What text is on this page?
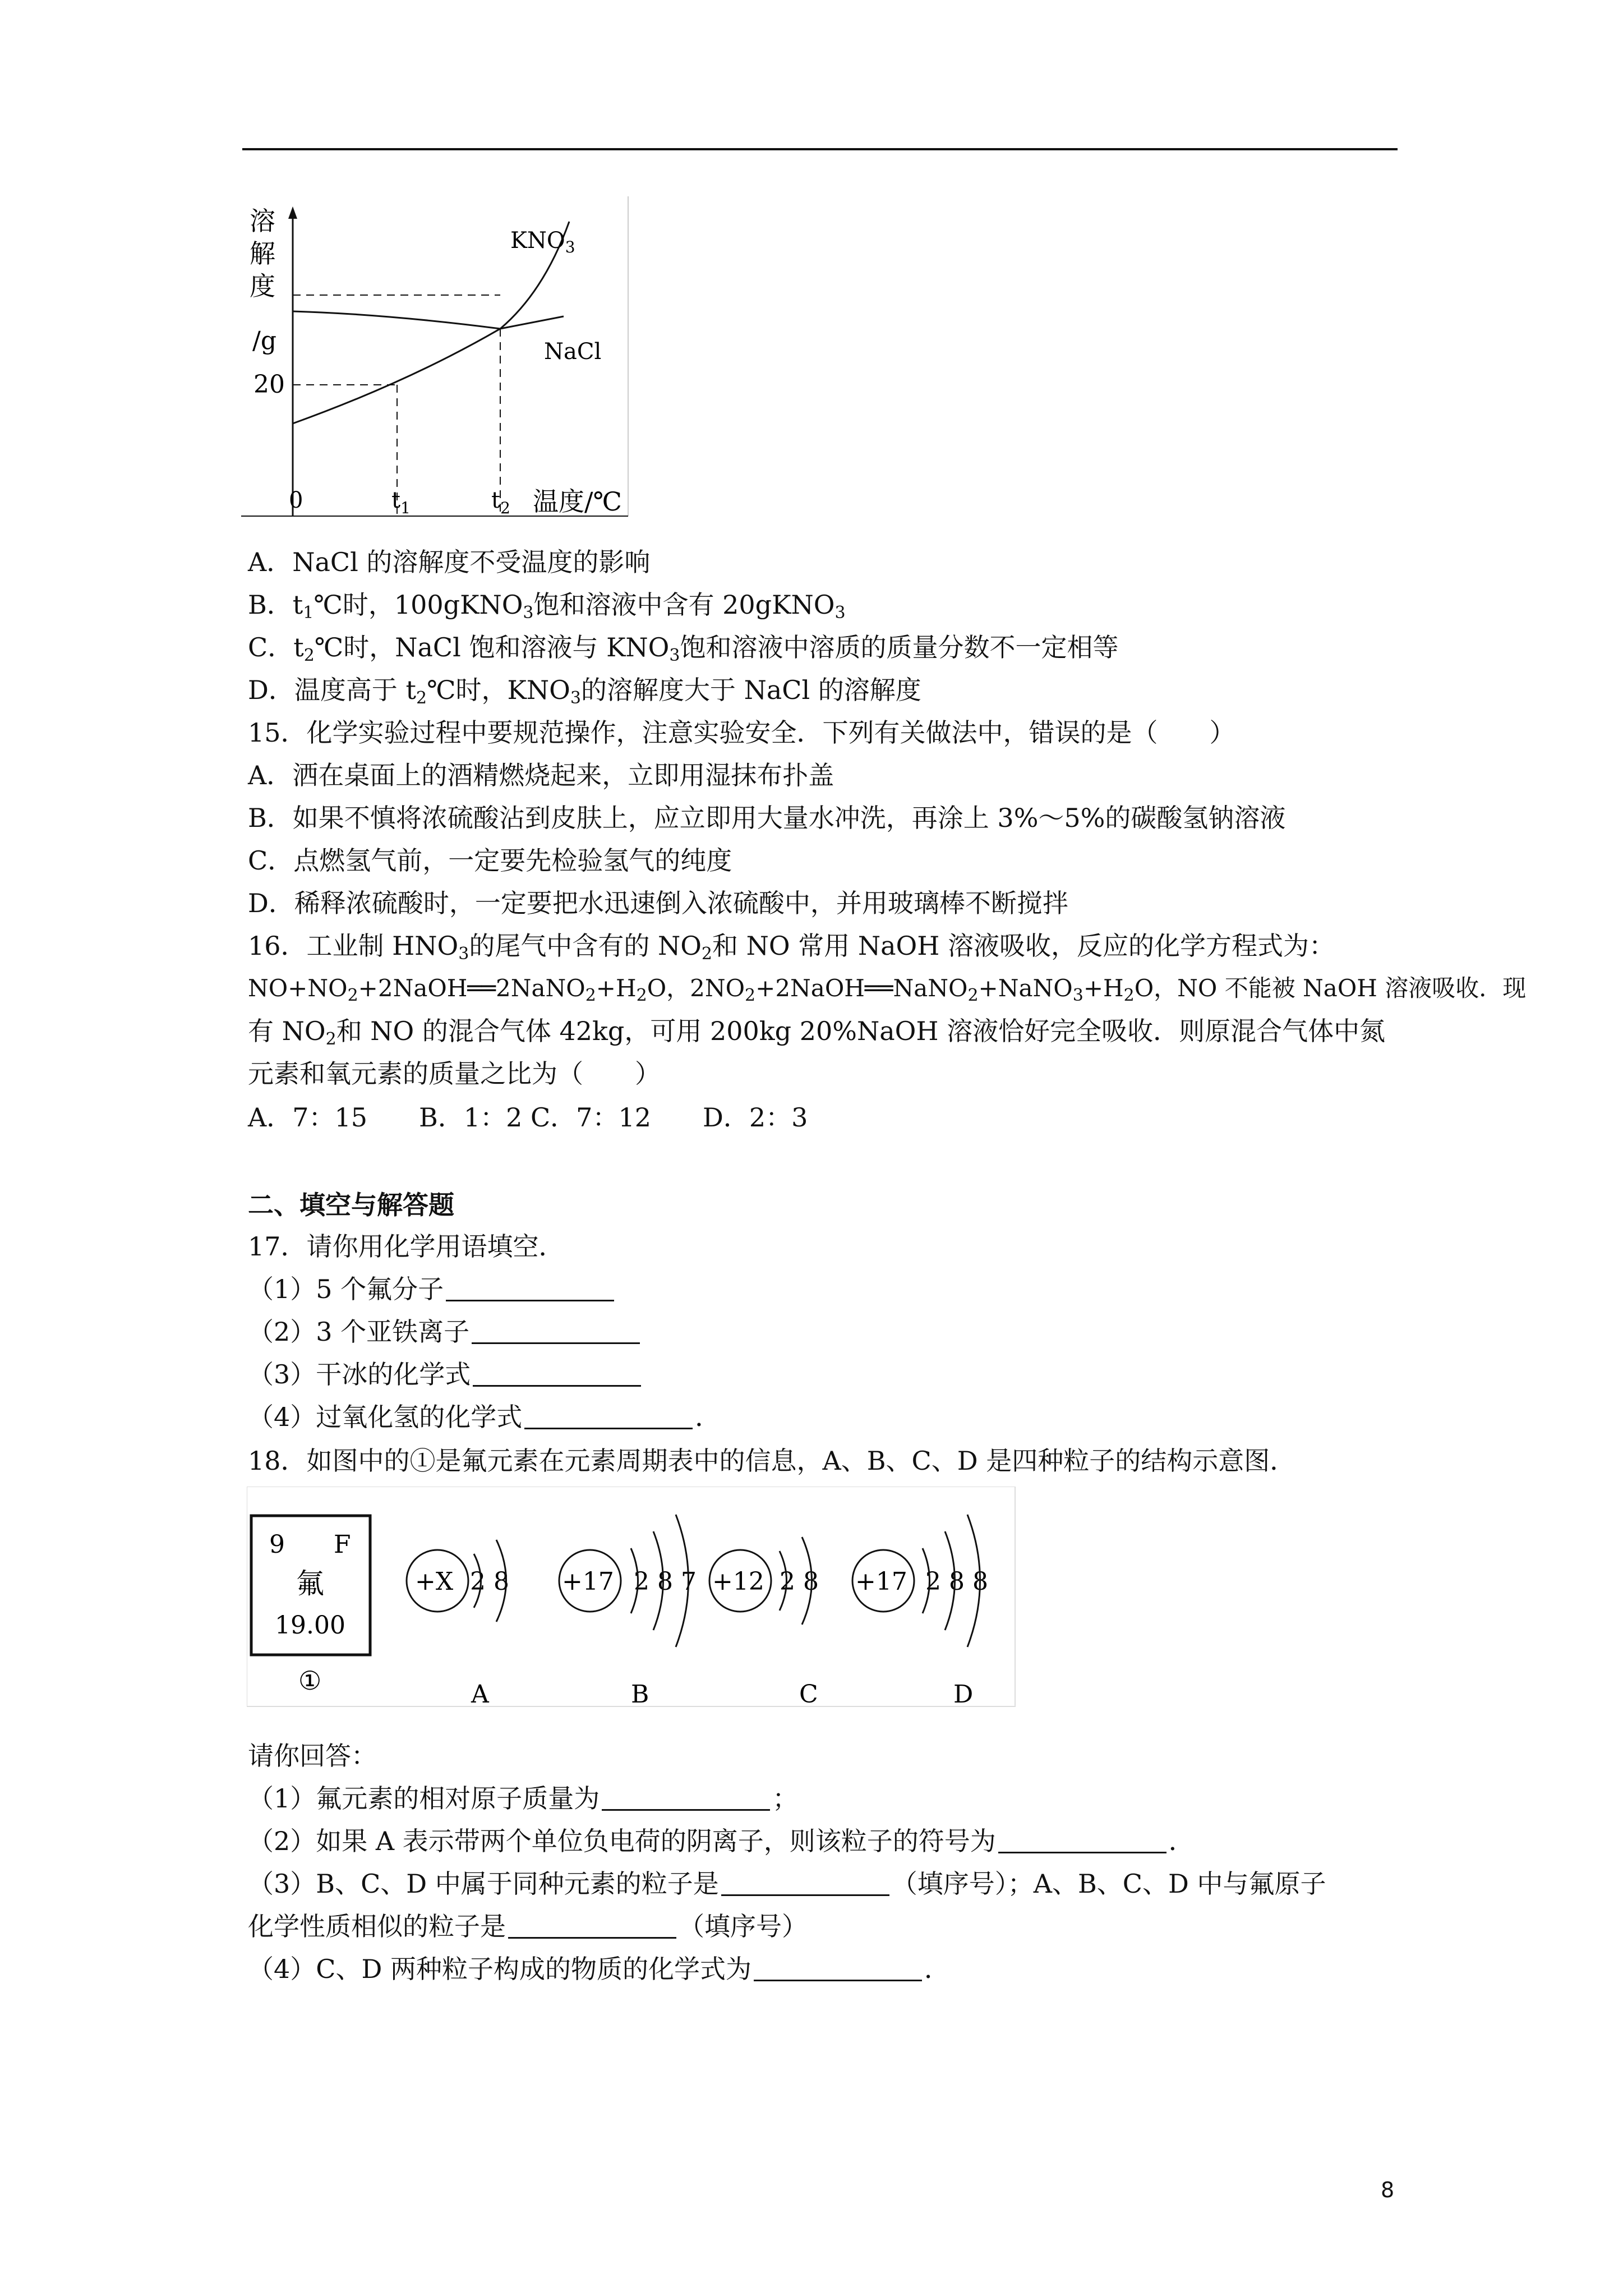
溶
解
度
/g
20
$KNO_3$
NaCl
0	$t_1$	$t_2$ 温度/℃
A．NaCl 的溶解度不受温度的影响
B．$t_1℃$时，100gKNO$_3$饱和溶液中含有 20gKNO$_3$
C．$t_2℃$时，NaCl 饱和溶液与 $KNO_3$饱和溶液中溶质的质量分数不一定相等
D．温度高于 $t_2℃$时，$KNO_3$的溶解度大于 NaCl 的溶解度
15．化学实验过程中要规范操作，注意实验安全．下列有关做法中，错误的是（　　）
A．洒在桌面上的酒精燃烧起来，立即用湿抹布扑盖
B．如果不慎将浓硫酸沾到皮肤上，应立即用大量水冲洗，再涂上 3%～5%的碳酸氢钠溶液
C．点燃氢气前，一定要先检验氢气的纯度
D．稀释浓硫酸时，一定要把水迅速倒入浓硫酸中，并用玻璃棒不断搅拌
16．工业制 $HNO_3$的尾气中含有的 $NO_2$和 NO 常用 NaOH 溶液吸收，反应的化学方程式为：
$NO+NO_2+2NaOH══2NaNO_2+H_2O$，$2NO_2+2NaOH══NaNO_2+NaNO_3+H_2O$，NO 不能被 NaOH 溶液吸收．现
有 $NO_2$和 NO 的混合气体 42kg，可用 200kg 20%NaOH 溶液恰好完全吸收．则原混合气体中氮
元素和氧元素的质量之比为（　　）
A．7：15　　B．1：2 C．7：12　　D．2：3
二、填空与解答题
17．请你用化学用语填空．
（1）5 个氟分子
（2）3 个亚铁离子
（3）干冰的化学式
（4）过氧化氢的化学式	．
18．如图中的①是氟元素在元素周期表中的信息，A、B、C、D 是四种粒子的结构示意图．
9 F
氟
19.00
①
+X 2 8
A
+17 2 8 7
B
+12 2 8
C
+17 2 8 8
D
请你回答：
（1）氟元素的相对原子质量为	；
（2）如果 A 表示带两个单位负电荷的阴离子，则该粒子的符号为	．
（3）B、C、D 中属于同种元素的粒子是	（填序号）；A、B、C、D 中与氟原子
化学性质相似的粒子是	（填序号）
（4）C、D 两种粒子构成的物质的化学式为	．
8
